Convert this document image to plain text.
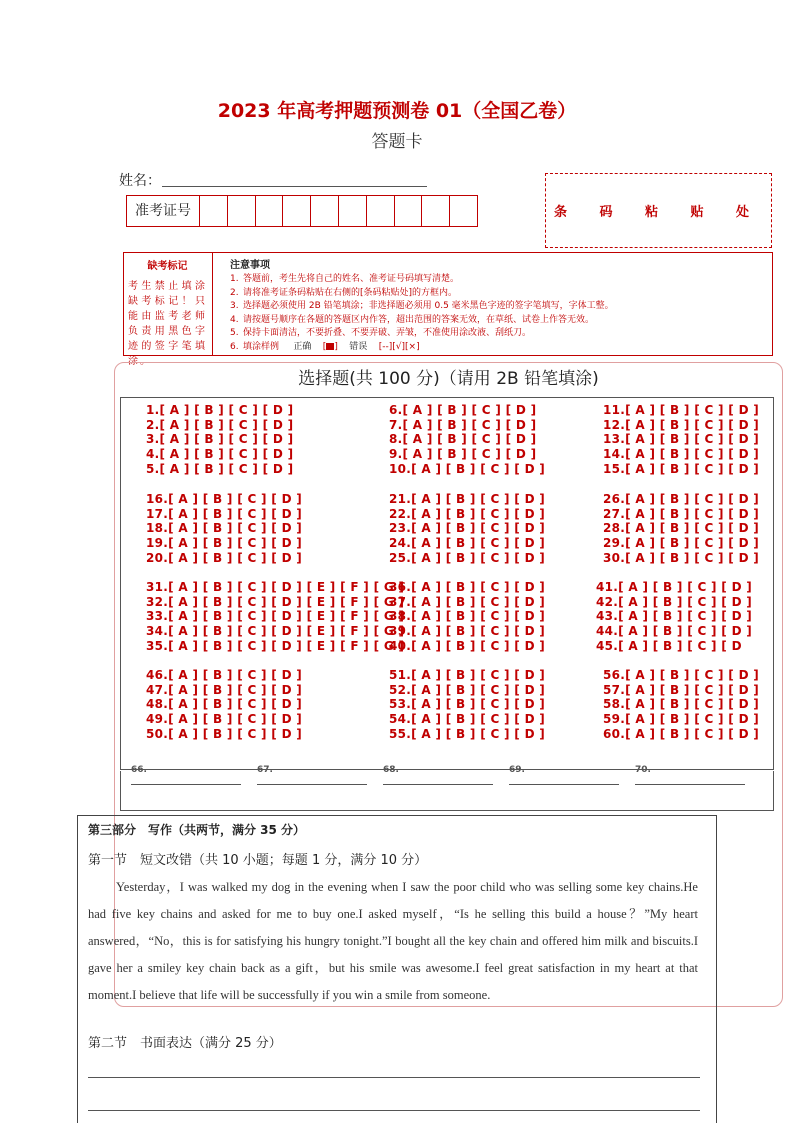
2023 年高考押题预测卷 01（全国乙卷）
答题卡
姓名：
准考证号	条 码 粘 贴 处
缺考标记
考生禁止填涂缺考标记！只能由监考老师负责用黑色字迹的签字笔填涂。
注意事项
1. 答题前，考生先将自己的姓名、准考证号码填写清楚。
2. 请将准考证条码粘贴在右侧的[条码粘贴处]的方框内。
3. 选择题必须使用 2B 铅笔填涂；非选择题必须用 0.5 毫米黑色字迹的签字笔填写，字体工整。
4. 请按题号顺序在各题的答题区内作答，超出范围的答案无效，在草纸、试卷上作答无效。
5. 保持卡面清洁，不要折叠、不要弄破、弄皱，不准使用涂改液、刮纸刀。
6. 填涂样例 正确 [ ] 错误 [--][√][×]
选择题(共 100 分)（请用 2B 铅笔填涂)
1.[ A ] [ B ] [ C ] [ D ]
2.[ A ] [ B ] [ C ] [ D ]
3.[ A ] [ B ] [ C ] [ D ]
4.[ A ] [ B ] [ C ] [ D ]
5.[ A ] [ B ] [ C ] [ D ]
6.[ A ] [ B ] [ C ] [ D ]
7.[ A ] [ B ] [ C ] [ D ]
8.[ A ] [ B ] [ C ] [ D ]
9.[ A ] [ B ] [ C ] [ D ]
10.[ A ] [ B ] [ C ] [ D ]
11.[ A ] [ B ] [ C ] [ D ]
12.[ A ] [ B ] [ C ] [ D ]
13.[ A ] [ B ] [ C ] [ D ]
14.[ A ] [ B ] [ C ] [ D ]
15.[ A ] [ B ] [ C ] [ D ]
16.[ A ] [ B ] [ C ] [ D ]
17.[ A ] [ B ] [ C ] [ D ]
18.[ A ] [ B ] [ C ] [ D ]
19.[ A ] [ B ] [ C ] [ D ]
20.[ A ] [ B ] [ C ] [ D ]
21.[ A ] [ B ] [ C ] [ D ]
22.[ A ] [ B ] [ C ] [ D ]
23.[ A ] [ B ] [ C ] [ D ]
24.[ A ] [ B ] [ C ] [ D ]
25.[ A ] [ B ] [ C ] [ D ]
26.[ A ] [ B ] [ C ] [ D ]
27.[ A ] [ B ] [ C ] [ D ]
28.[ A ] [ B ] [ C ] [ D ]
29.[ A ] [ B ] [ C ] [ D ]
30.[ A ] [ B ] [ C ] [ D ]
31.[ A ] [ B ] [ C ] [ D ] [ E ] [ F ] [ G ]
32.[ A ] [ B ] [ C ] [ D ] [ E ] [ F ] [ G ]
33.[ A ] [ B ] [ C ] [ D ] [ E ] [ F ] [ G ]
34.[ A ] [ B ] [ C ] [ D ] [ E ] [ F ] [ G ]
35.[ A ] [ B ] [ C ] [ D ] [ E ] [ F ] [ G ]
36.[ A ] [ B ] [ C ] [ D ]
37.[ A ] [ B ] [ C ] [ D ]
38.[ A ] [ B ] [ C ] [ D ]
39.[ A ] [ B ] [ C ] [ D ]
40.[ A ] [ B ] [ C ] [ D ]
41.[ A ] [ B ] [ C ] [ D ]
42.[ A ] [ B ] [ C ] [ D ]
43.[ A ] [ B ] [ C ] [ D ]
44.[ A ] [ B ] [ C ] [ D ]
45.[ A ] [ B ] [ C ] [ D
46.[ A ] [ B ] [ C ] [ D ]
47.[ A ] [ B ] [ C ] [ D ]
48.[ A ] [ B ] [ C ] [ D ]
49.[ A ] [ B ] [ C ] [ D ]
50.[ A ] [ B ] [ C ] [ D ]
51.[ A ] [ B ] [ C ] [ D ]
52.[ A ] [ B ] [ C ] [ D ]
53.[ A ] [ B ] [ C ] [ D ]
54.[ A ] [ B ] [ C ] [ D ]
55.[ A ] [ B ] [ C ] [ D ]
56.[ A ] [ B ] [ C ] [ D ]
57.[ A ] [ B ] [ C ] [ D ]
58.[ A ] [ B ] [ C ] [ D ]
59.[ A ] [ B ] [ C ] [ D ]
60.[ A ] [ B ] [ C ] [ D ]
66.	67.	68.	69.	70.
第三部分　写作（共两节，满分 35 分）
第一节　短文改错（共 10 小题；每题 1 分，满分 10 分）
Yesterday，I was walked my dog in the evening when I saw the poor child who was selling some key chains.He had five key chains and asked for me to buy one.I asked myself，“Is he selling this build a house？”My heart answered，“No，this is for satisfying his hungry tonight.”I bought all the key chain and offered him milk and biscuits.I gave her a smiley key chain back as a gift，but his smile was awesome.I feel great satisfaction in my heart at that moment.I believe that life will be successfully if you win a smile from someone.
第二节　书面表达（满分 25 分）
